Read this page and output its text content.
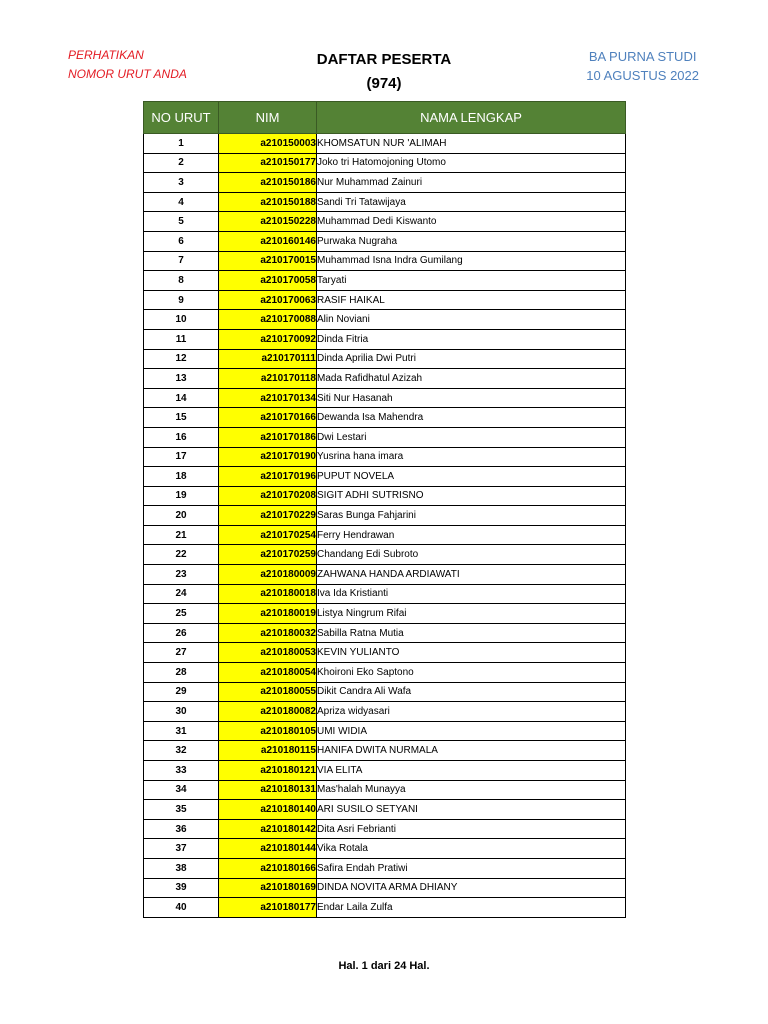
PERHATIKAN
NOMOR URUT ANDA
DAFTAR PESERTA
(974)
BA PURNA STUDI
10 AGUSTUS 2022
NO URUT	NIM	NAMA LENGKAP
1	a210150003	KHOMSATUN NUR 'ALIMAH
2	a210150177	Joko tri Hatomojoning Utomo
3	a210150186	Nur Muhammad Zainuri
4	a210150188	Sandi Tri Tatawijaya
5	a210150228	Muhammad Dedi Kiswanto
6	a210160146	Purwaka Nugraha
7	a210170015	Muhammad Isna Indra Gumilang
8	a210170058	Taryati
9	a210170063	RASIF HAIKAL
10	a210170088	Alin Noviani
11	a210170092	Dinda Fitria
12	a210170111	Dinda Aprilia Dwi Putri
13	a210170118	Mada Rafidhatul Azizah
14	a210170134	Siti Nur Hasanah
15	a210170166	Dewanda Isa Mahendra
16	a210170186	Dwi Lestari
17	a210170190	Yusrina hana imara
18	a210170196	PUPUT NOVELA
19	a210170208	SIGIT ADHI SUTRISNO
20	a210170229	Saras Bunga Fahjarini
21	a210170254	Ferry Hendrawan
22	a210170259	Chandang Edi Subroto
23	a210180009	ZAHWANA HANDA ARDIAWATI
24	a210180018	Iva Ida Kristianti
25	a210180019	Listya Ningrum Rifai
26	a210180032	Sabilla Ratna Mutia
27	a210180053	KEVIN YULIANTO
28	a210180054	Khoironi Eko Saptono
29	a210180055	Dikit Candra Ali Wafa
30	a210180082	Apriza widyasari
31	a210180105	UMI WIDIA
32	a210180115	HANIFA DWITA NURMALA
33	a210180121	VIA ELITA
34	a210180131	Mas'halah Munayya
35	a210180140	ARI SUSILO SETYANI
36	a210180142	Dita Asri Febrianti
37	a210180144	Vika Rotala
38	a210180166	Safira Endah Pratiwi
39	a210180169	DINDA NOVITA ARMA DHIANY
40	a210180177	Endar Laila Zulfa
Hal. 1 dari 24 Hal.
